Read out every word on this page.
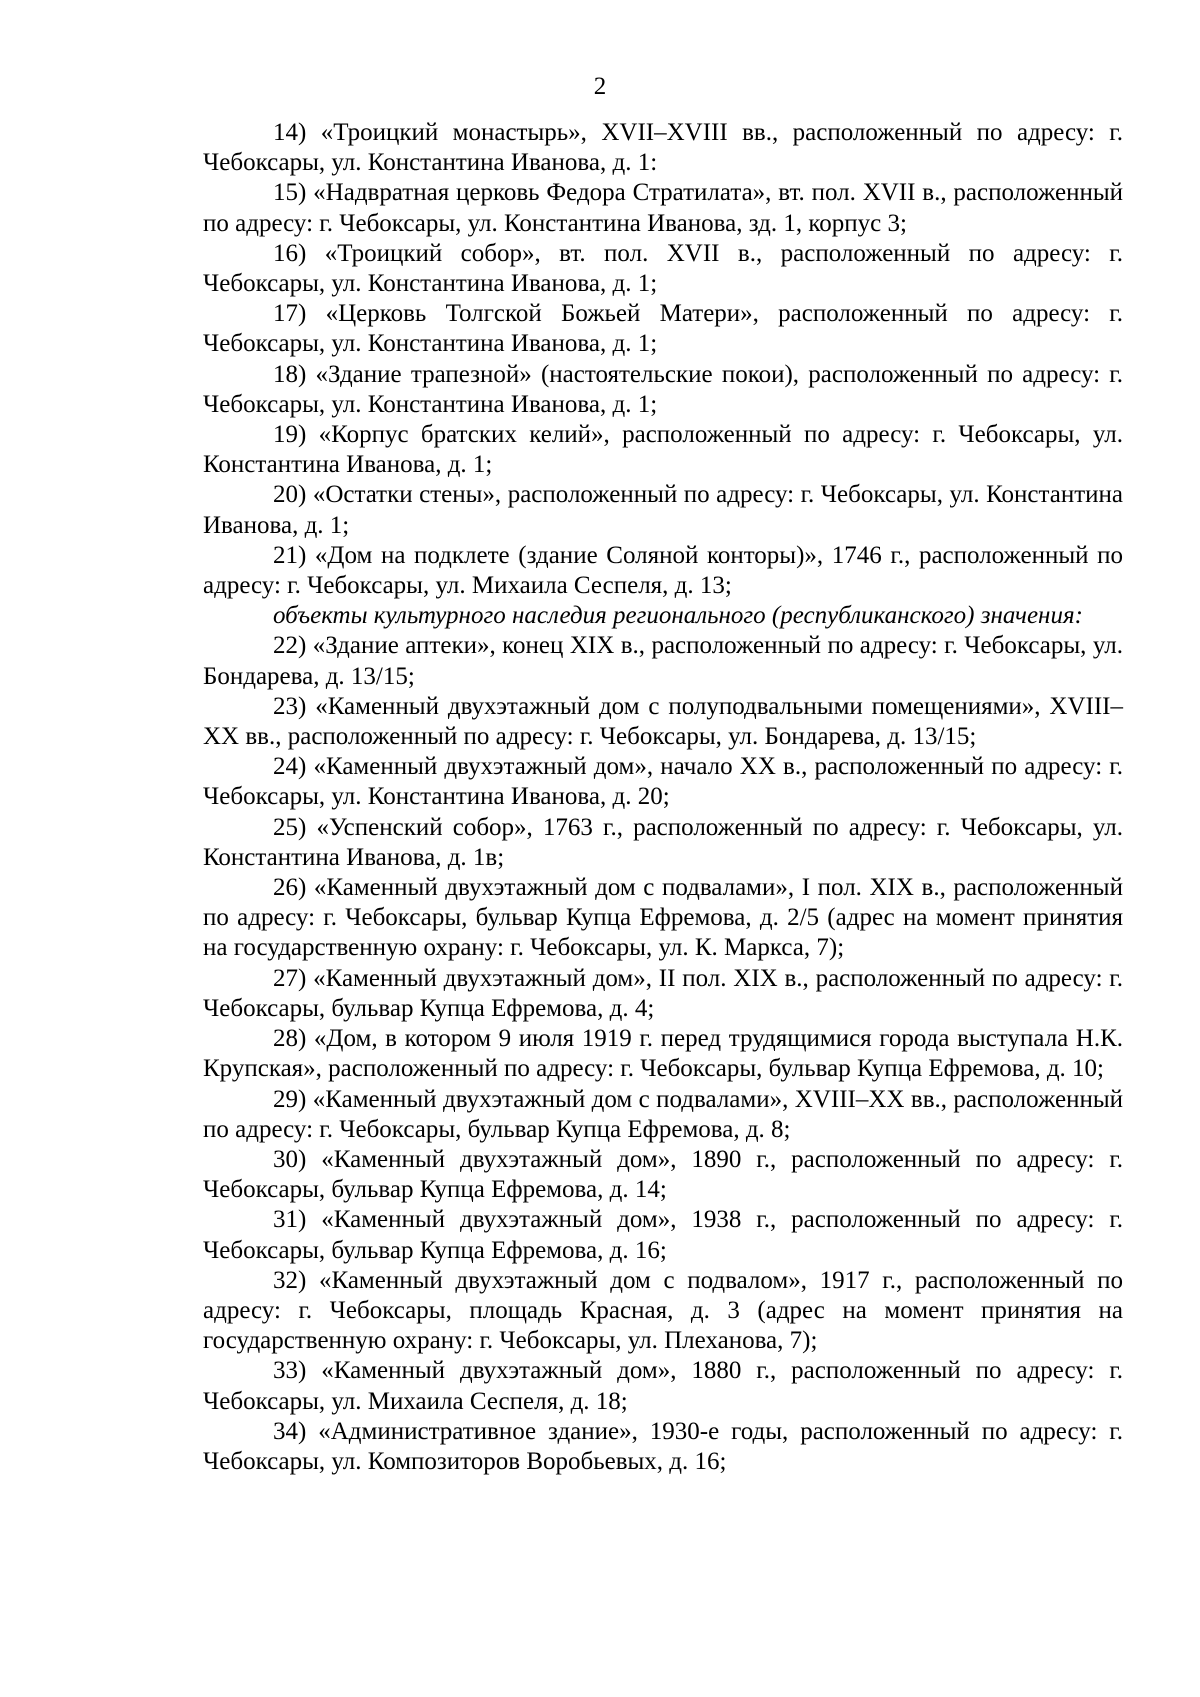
2

14) «Троицкий монастырь», XVII–XVIII вв., расположенный по адресу: г. Чебоксары, ул. Константина Иванова, д. 1:

15) «Надвратная церковь Федора Стратилата», вт. пол. XVII в., расположенный по адресу: г. Чебоксары, ул. Константина Иванова, зд. 1, корпус 3;

16) «Троицкий собор», вт. пол. XVII в., расположенный по адресу: г. Чебоксары, ул. Константина Иванова, д. 1;

17) «Церковь Толгской Божьей Матери», расположенный по адресу: г. Чебоксары, ул. Константина Иванова, д. 1;

18) «Здание трапезной» (настоятельские покои), расположенный по адресу: г. Чебоксары, ул. Константина Иванова, д. 1;

19) «Корпус братских келий», расположенный по адресу: г. Чебоксары, ул. Константина Иванова, д. 1;

20) «Остатки стены», расположенный по адресу: г. Чебоксары, ул. Константина Иванова, д. 1;

21) «Дом на подклете (здание Соляной конторы)», 1746 г., расположенный по адресу: г. Чебоксары, ул. Михаила Сеспеля, д. 13;

объекты культурного наследия регионального (республиканского) значения:

22) «Здание аптеки», конец XIX в., расположенный по адресу: г. Чебоксары, ул. Бондарева, д. 13/15;

23) «Каменный двухэтажный дом с полуподвальными помещениями», XVIII–XX вв., расположенный по адресу: г. Чебоксары, ул. Бондарева, д. 13/15;

24) «Каменный двухэтажный дом», начало XX в., расположенный по адресу: г. Чебоксары, ул. Константина Иванова, д. 20;

25) «Успенский собор», 1763 г., расположенный по адресу: г. Чебоксары, ул. Константина Иванова, д. 1в;

26) «Каменный двухэтажный дом с подвалами», I пол. XIX в., расположенный по адресу: г. Чебоксары, бульвар Купца Ефремова, д. 2/5 (адрес на момент принятия на государственную охрану: г. Чебоксары, ул. К. Маркса, 7);

27) «Каменный двухэтажный дом», II пол. XIX в., расположенный по адресу: г. Чебоксары, бульвар Купца Ефремова, д. 4;

28) «Дом, в котором 9 июля 1919 г. перед трудящимися города выступала Н.К. Крупская», расположенный по адресу: г. Чебоксары, бульвар Купца Ефремова, д. 10;

29) «Каменный двухэтажный дом с подвалами», XVIII–XX вв., расположенный по адресу: г. Чебоксары, бульвар Купца Ефремова, д. 8;

30) «Каменный двухэтажный дом», 1890 г., расположенный по адресу: г. Чебоксары, бульвар Купца Ефремова, д. 14;

31) «Каменный двухэтажный дом», 1938 г., расположенный по адресу: г. Чебоксары, бульвар Купца Ефремова, д. 16;

32) «Каменный двухэтажный дом с подвалом», 1917 г., расположенный по адресу: г. Чебоксары, площадь Красная, д. 3 (адрес на момент принятия на государственную охрану: г. Чебоксары, ул. Плеханова, 7);

33) «Каменный двухэтажный дом», 1880 г., расположенный по адресу: г. Чебоксары, ул. Михаила Сеспеля, д. 18;

34) «Административное здание», 1930-е годы, расположенный по адресу: г. Чебоксары, ул. Композиторов Воробьевых, д. 16;
